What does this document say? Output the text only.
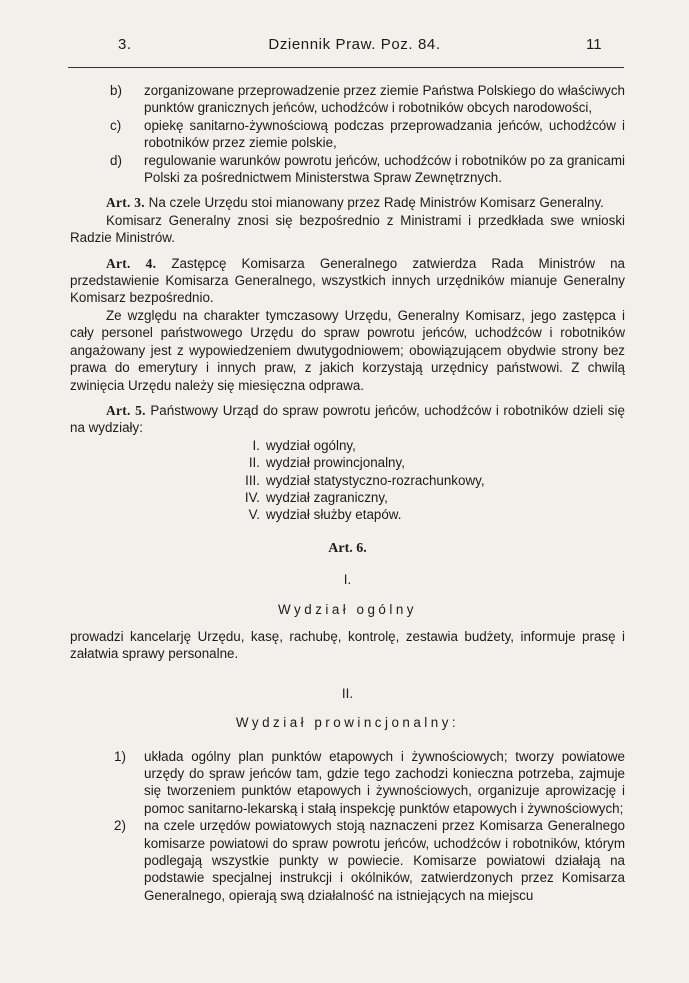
3.	Dziennik Praw. Poz. 84.	11
b)	zorganizowane przeprowadzenie przez ziemie Państwa Polskiego do właściwych punktów granicznych jeńców, uchodźców i robotników obcych narodowości,
c)	opiekę sanitarno-żywnościową podczas przeprowadzania jeńców, uchodźców i robotników przez ziemie polskie,
d)	regulowanie warunków powrotu jeńców, uchodźców i robotników po za granicami Polski za pośrednictwem Ministerstwa Spraw Zewnętrznych.

Art. 3. Na czele Urzędu stoi mianowany przez Radę Ministrów Komisarz Generalny.

Komisarz Generalny znosi się bezpośrednio z Ministrami i przedkłada swe wnioski Radzie Ministrów.

Art. 4. Zastępcę Komisarza Generalnego zatwierdza Rada Ministrów na przedstawienie Komisarza Generalnego, wszystkich innych urzędników mianuje Generalny Komisarz bezpośrednio.

Ze względu na charakter tymczasowy Urzędu, Generalny Komisarz, jego zastępca i cały personel państwowego Urzędu do spraw powrotu jeńców, uchodźców i robotników angażowany jest z wypowiedzeniem dwutygodniowem; obowiązującem obydwie strony bez prawa do emerytury i innych praw, z jakich korzystają urzędnicy państwowi. Z chwilą zwinięcia Urzędu należy się miesięczna odprawa.

Art. 5. Państwowy Urząd do spraw powrotu jeńców, uchodźców i robotników dzieli się na wydziały:

I. wydział ogólny,
II. wydział prowincjonalny,
III. wydział statystyczno-rozrachunkowy,
IV. wydział zagraniczny,
V. wydział służby etapów.
Art. 6.
I.
Wydział ogólny

prowadzi kancelarję Urzędu, kasę, rachubę, kontrolę, zestawia budżety, informuje prasę i załatwia sprawy personalne.

II.
Wydział prowincjonalny:
1)	układa ogólny plan punktów etapowych i żywnościowych; tworzy powiatowe urzędy do spraw jeńców tam, gdzie tego zachodzi konieczna potrzeba, zajmuje się tworzeniem punktów etapowych i żywnościowych, organizuje aprowizację i pomoc sanitarno-lekarską i stałą inspekcję punktów etapowych i żywnościowych;
2)	na czele urzędów powiatowych stoją naznaczeni przez Komisarza Generalnego komisarze powiatowi do spraw powrotu jeńców, uchodźców i robotników, którym podlegają wszystkie punkty w powiecie. Komisarze powiatowi działają na podstawie specjalnej instrukcji i okólników, zatwierdzonych przez Komisarza Generalnego, opierają swą działalność na istniejących na miejscu
